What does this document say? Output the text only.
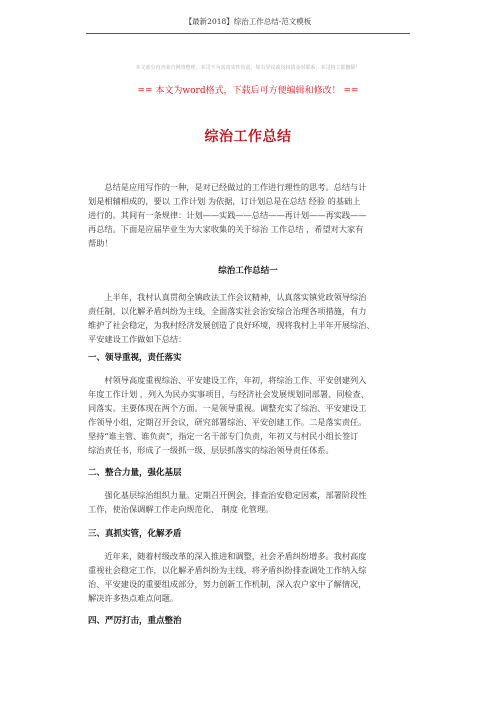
【最新2018】综治工作总结-范文模板
本文部分内容来自网络整理，本司不为其真实性负责，如有异议或侵权请及时联系，本司将立即删除！
== 本文为word格式，下载后可方便编辑和修改！ ==
综治工作总结

　　总结是应用写作的一种，是对已经做过的工作进行理性的思考。总结与计
划是相辅相成的，要以 工作计划 为依据，订计划总是在总结 经验 的基础上
进行的。其间有一条规律：计划——实践——总结——再计划——再实践——
再总结。下面是应届毕业生为大家收集的关于综治 工作总结 ，希望对大家有
帮助！

综治工作总结一

　　上半年，我村认真贯彻全镇政法工作会议精神，认真落实镇党政领导综治
责任制，以化解矛盾纠纷为主线，全面落实社会治安综合治理各项措施，有力
维护了社会稳定，为我村经济发展创造了良好环境，现将我村上半年开展综治、
平安建设工作做如下总结：

一、领导重视，责任落实

　　村领导高度重视综治、平安建设工作，年初，将综治工作、平安创建列入
年度工作计划 ，列入为民办实事项目，与经济社会发展规划同部署、同检查、
同落实。主要体现在两个方面。一是领导重视。调整充实了综治、平安建设工
作领导小组，定期召开会议，研究部署综治、平安创建工作。二是落实责任。
坚持“谁主管、谁负责”，指定一名干部专门负责，年初又与村民小组长签订
综治责任书，形成了一级抓一级、层层抓落实的综治领导责任体系。

二、整合力量，强化基层

　　强化基层综治组织力量。定期召开例会，排查治安稳定因素，部署阶段性
工作，使治保调解工作走向规范化、 制度 化管理。

三、真抓实管，化解矛盾

　　近年来，随着村级改革的深入推进和调整，社会矛盾纠纷增多。我村高度
重视社会稳定工作，以化解矛盾纠纷为主线，将矛盾纠纷排查调处工作纳入综
治、平安建设的重要组成部分，努力创新工作机制，深入农户家中了解情况，
解决许多热点难点问题。

四、严厉打击，重点整治
